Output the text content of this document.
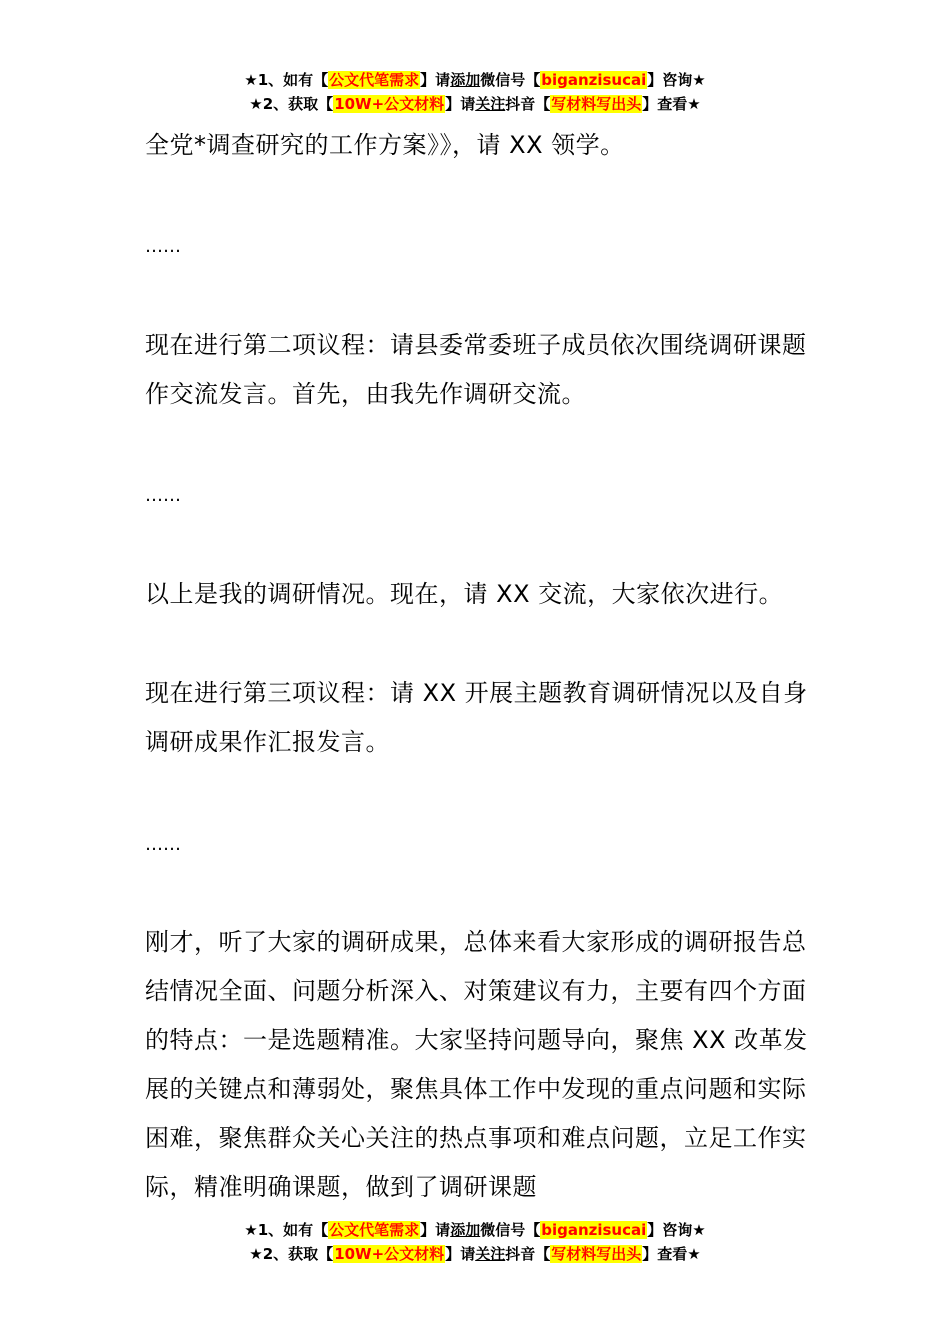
★1、如有【公文代笔需求】请添加微信号【biganzisucai】咨询★
★2、获取【10W+公文材料】请关注抖音【写材料写出头】查看★

全党*调查研究的工作方案》》，请 XX 领学。

……

现在进行第二项议程：请县委常委班子成员依次围绕调研课题作交流发言。首先，由我先作调研交流。

……

以上是我的调研情况。现在，请 XX 交流，大家依次进行。

现在进行第三项议程：请 XX 开展主题教育调研情况以及自身调研成果作汇报发言。

……

刚才，听了大家的调研成果，总体来看大家形成的调研报告总结情况全面、问题分析深入、对策建议有力，主要有四个方面的特点：一是选题精准。大家坚持问题导向，聚焦 XX 改革发展的关键点和薄弱处，聚焦具体工作中发现的重点问题和实际困难，聚焦群众关心关注的热点事项和难点问题，立足工作实际，精准明确课题，做到了调研课题

★1、如有【公文代笔需求】请添加微信号【biganzisucai】咨询★
★2、获取【10W+公文材料】请关注抖音【写材料写出头】查看★
